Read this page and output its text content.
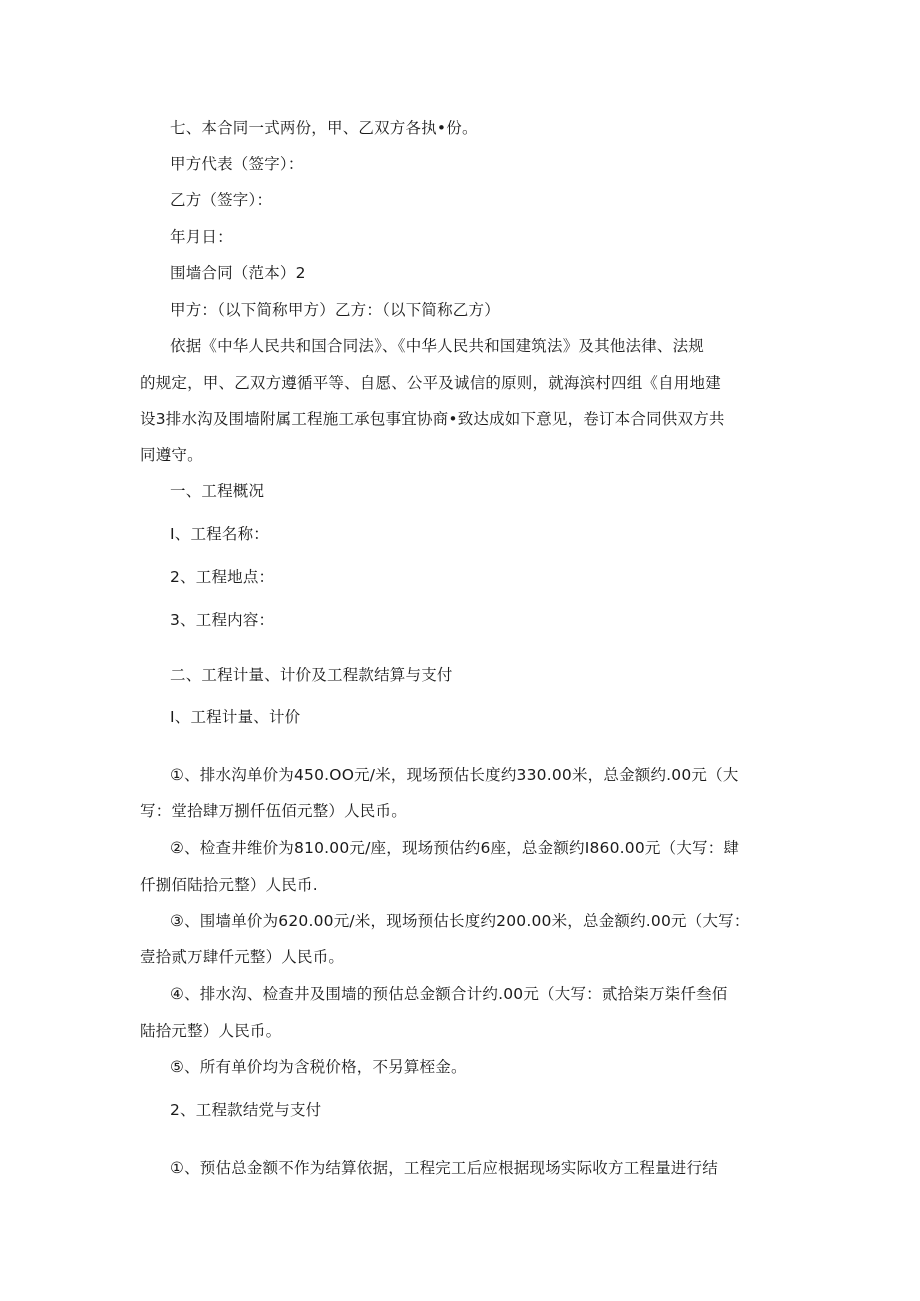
七、本合同一式两份，甲、乙双方各执•份。
甲方代表（签字）：
乙方（签字）：
年月日：
围墙合同（范本）2
甲方：（以下简称甲方）乙方：（以下简称乙方）
依据《中华人民共和国合同法》、《中华人民共和国建筑法》及其他法律、法规
的规定，甲、乙双方遵循平等、自愿、公平及诚信的原则，就海滨村四组《自用地建
设3排水沟及围墙附属工程施工承包事宜协商•致达成如下意见，卷订本合同供双方共
同遵守。
一、工程概况
I、工程名称：
2、工程地点：
3、工程内容：
二、工程计量、计价及工程款结算与支付
I、工程计量、计价
①、排水沟单价为450.OO元/米，现场预估长度约330.00米，总金额约.00元（大
写：堂拾肆万捌仟伍佰元整）人民币。
②、检查井维价为810.00元/座，现场预估约6座，总金额约I860.00元（大写：肆
仟捌佰陆拾元整）人民币.
③、围墙单价为620.00元/米，现场预估长度约200.00米，总金额约.00元（大写：
壹拾贰万肆仟元整）人民币。
④、排水沟、检查井及围墙的预估总金额合计约.00元（大写：贰拾柒万柒仟叁佰
陆拾元整）人民币。
⑤、所有单价均为含税价格，不另算桎金。
2、工程款结党与支付
①、预估总金额不作为结算依据，工程完工后应根据现场实际收方工程量进行结
